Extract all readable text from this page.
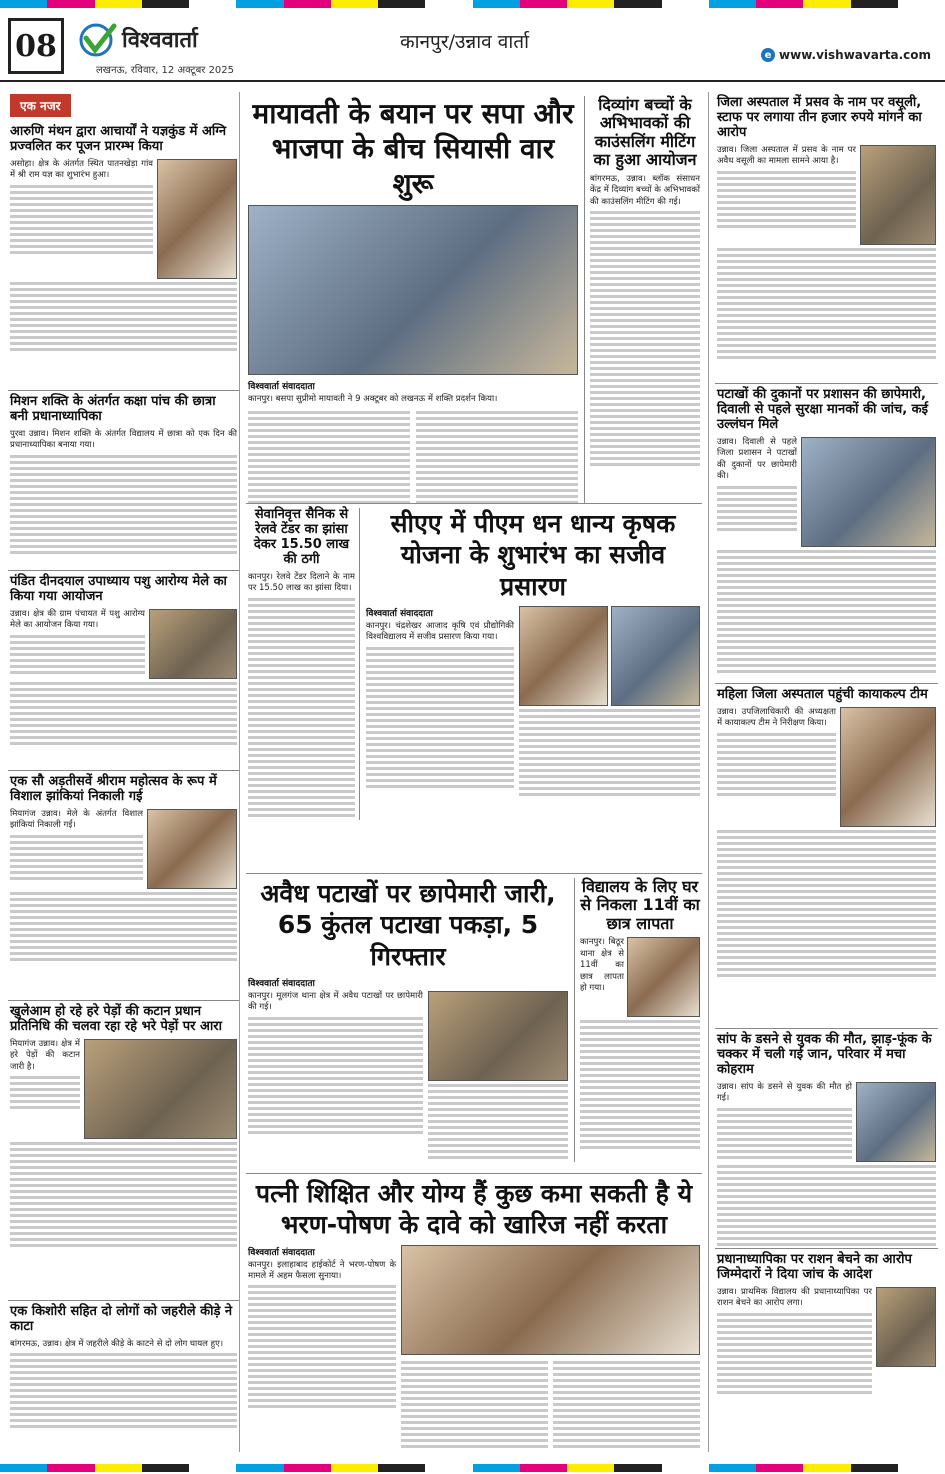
08	विश्ववार्ता
लखनऊ, रविवार, 12 अक्टूबर 2025
कानपुर/उन्नाव वार्ता
e www.vishwavarta.com
एक नजर
आरुणि मंथन द्वारा आचार्यों ने यज्ञकुंड में अग्नि प्रज्वलित कर पूजन प्रारम्भ किया
असोहा। क्षेत्र के अंतर्गत स्थित पातनखेड़ा गांव में श्री राम यज्ञ का शुभारंभ हुआ।
मिशन शक्ति के अंतर्गत कक्षा पांच की छात्रा बनी प्रधानाध्यापिका
पुरवा उन्नाव। मिशन शक्ति के अंतर्गत विद्यालय में छात्रा को एक दिन की प्रधानाध्यापिका बनाया गया।
पंडित दीनदयाल उपाध्याय पशु आरोग्य मेले का किया गया आयोजन
उन्नाव। क्षेत्र की ग्राम पंचायत में पशु आरोग्य मेले का आयोजन किया गया।
एक सौ अड़तीसवें श्रीराम महोत्सव के रूप में विशाल झांकियां निकाली गई
मियागंज उन्नाव। मेले के अंतर्गत विशाल झांकियां निकाली गईं।
खुलेआम हो रहे हरे पेड़ों की कटान प्रधान प्रतिनिधि की चलवा रहा रहे भरे पेड़ों पर आरा
मियागंज उन्नाव। क्षेत्र में हरे पेड़ों की कटान जारी है।
एक किशोरी सहित दो लोगों को जहरीले कीड़े ने काटा
बांगरमऊ, उन्नाव। क्षेत्र में जहरीले कीड़े के काटने से दो लोग घायल हुए।
मायावती के बयान पर सपा और भाजपा के बीच सियासी वार शुरू
विश्ववार्ता संवाददाता
कानपुर। बसपा सुप्रीमो मायावती ने 9 अक्टूबर को लखनऊ में शक्ति प्रदर्शन किया।
दिव्यांग बच्चों के अभिभावकों की काउंसलिंग मीटिंग का हुआ आयोजन
बांगरमऊ, उन्नाव। ब्लॉक संसाधन केंद्र में दिव्यांग बच्चों के अभिभावकों की काउंसलिंग मीटिंग की गई।
सेवानिवृत्त सैनिक से रेलवे टेंडर का झांसा देकर 15.50 लाख की ठगी
कानपुर। रेलवे टेंडर दिलाने के नाम पर 15.50 लाख का झांसा दिया।
सीएए में पीएम धन धान्य कृषक योजना के शुभारंभ का सजीव प्रसारण
विश्ववार्ता संवाददाता
कानपुर। चंद्रशेखर आजाद कृषि एवं प्रौद्योगिकी विश्वविद्यालय में सजीव प्रसारण किया गया।
अवैध पटाखों पर छापेमारी जारी, 65 कुंतल पटाखा पकड़ा, 5 गिरफ्तार
विश्ववार्ता संवाददाता
कानपुर। मूलगंज थाना क्षेत्र में अवैध पटाखों पर छापेमारी की गई।
विद्यालय के लिए घर से निकला 11वीं का छात्र लापता
कानपुर। बिठूर थाना क्षेत्र से 11वीं का छात्र लापता हो गया।
पत्नी शिक्षित और योग्य हैं कुछ कमा सकती है ये भरण-पोषण के दावे को खारिज नहीं करता
विश्ववार्ता संवाददाता
कानपुर। इलाहाबाद हाईकोर्ट ने भरण-पोषण के मामले में अहम फैसला सुनाया।
जिला अस्पताल में प्रसव के नाम पर वसूली, स्टाफ पर लगाया तीन हजार रुपये मांगने का आरोप
उन्नाव। जिला अस्पताल में प्रसव के नाम पर अवैध वसूली का मामला सामने आया है।
पटाखों की दुकानों पर प्रशासन की छापेमारी, दिवाली से पहले सुरक्षा मानकों की जांच, कई उल्लंघन मिले
उन्नाव। दिवाली से पहले जिला प्रशासन ने पटाखों की दुकानों पर छापेमारी की।
महिला जिला अस्पताल पहुंची कायाकल्प टीम
उन्नाव। उपजिलाधिकारी की अध्यक्षता में कायाकल्प टीम ने निरीक्षण किया।
सांप के डसने से युवक की मौत, झाड़-फूंक के चक्कर में चली गई जान, परिवार में मचा कोहराम
उन्नाव। सांप के डसने से युवक की मौत हो गई।
प्रधानाध्यापिका पर राशन बेचने का आरोप जिम्मेदारों ने दिया जांच के आदेश
उन्नाव। प्राथमिक विद्यालय की प्रधानाध्यापिका पर राशन बेचने का आरोप लगा।
